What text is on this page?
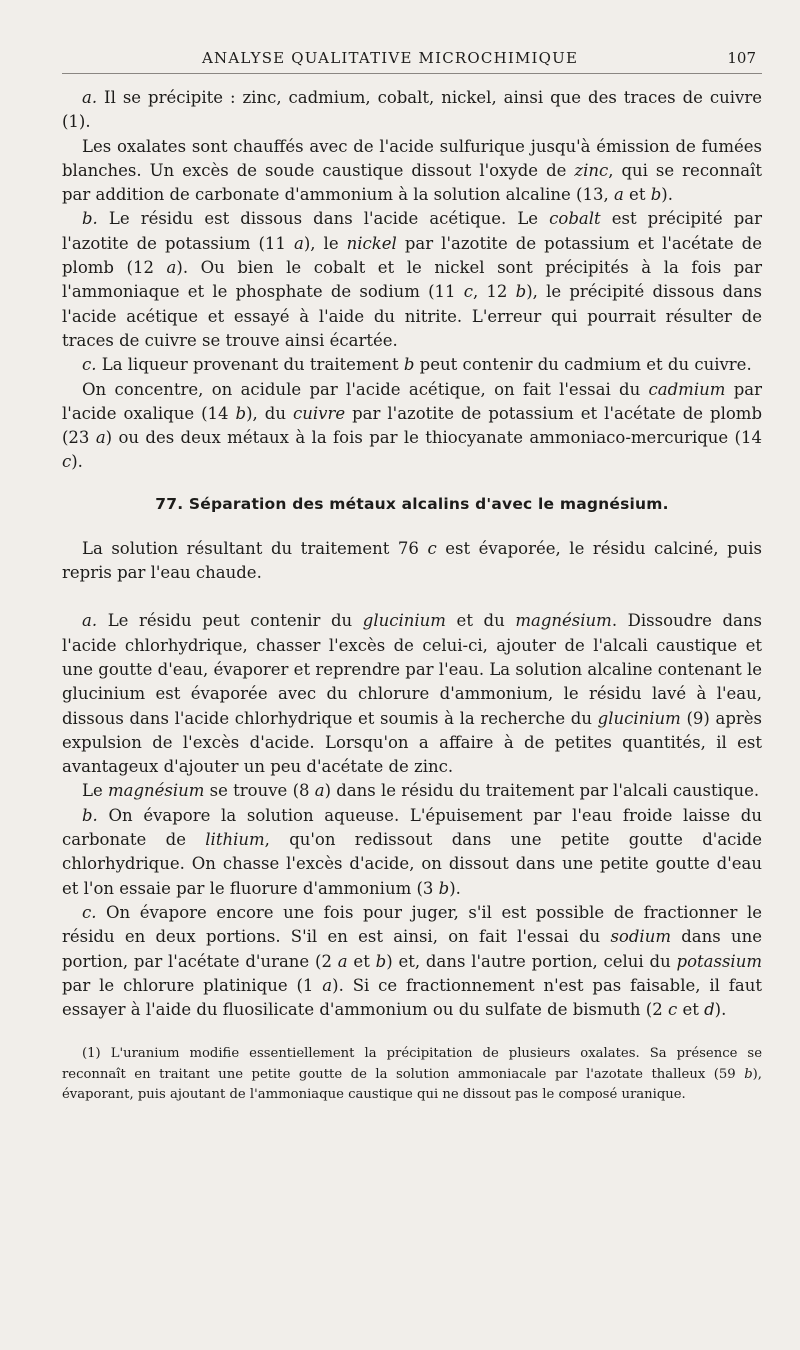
ANALYSE QUALITATIVE MICROCHIMIQUE	107

a. Il se précipite : zinc, cadmium, cobalt, nickel, ainsi que des traces de cuivre (1).

Les oxalates sont chauffés avec de l'acide sulfurique jusqu'à émission de fumées blanches. Un excès de soude caustique dissout l'oxyde de zinc, qui se reconnaît par addition de carbonate d'ammonium à la solution alcaline (13, a et b).

b. Le résidu est dissous dans l'acide acétique. Le cobalt est précipité par l'azotite de potassium (11 a), le nickel par l'azotite de potassium et l'acétate de plomb (12 a). Ou bien le cobalt et le nickel sont précipités à la fois par l'ammoniaque et le phosphate de sodium (11 c, 12 b), le précipité dissous dans l'acide acétique et essayé à l'aide du nitrite. L'erreur qui pourrait résulter de traces de cuivre se trouve ainsi écartée.

c. La liqueur provenant du traitement b peut contenir du cadmium et du cuivre.

On concentre, on acidule par l'acide acétique, on fait l'essai du cadmium par l'acide oxalique (14 b), du cuivre par l'azotite de potassium et l'acétate de plomb (23 a) ou des deux métaux à la fois par le thiocyanate ammoniaco-mercurique (14 c).

77. Séparation des métaux alcalins d'avec le magnésium.

La solution résultant du traitement 76 c est évaporée, le résidu calciné, puis repris par l'eau chaude.

a. Le résidu peut contenir du glucinium et du magnésium. Dissoudre dans l'acide chlorhydrique, chasser l'excès de celui-ci, ajouter de l'alcali caustique et une goutte d'eau, évaporer et reprendre par l'eau. La solution alcaline contenant le glucinium est évaporée avec du chlorure d'ammonium, le résidu lavé à l'eau, dissous dans l'acide chlorhydrique et soumis à la recherche du glucinium (9) après expulsion de l'excès d'acide. Lorsqu'on a affaire à de petites quantités, il est avantageux d'ajouter un peu d'acétate de zinc.

Le magnésium se trouve (8 a) dans le résidu du traitement par l'alcali caustique.

b. On évapore la solution aqueuse. L'épuisement par l'eau froide laisse du carbonate de lithium, qu'on redissout dans une petite goutte d'acide chlorhydrique. On chasse l'excès d'acide, on dissout dans une petite goutte d'eau et l'on essaie par le fluorure d'ammonium (3 b).

c. On évapore encore une fois pour juger, s'il est possible de fractionner le résidu en deux portions. S'il en est ainsi, on fait l'essai du sodium dans une portion, par l'acétate d'urane (2 a et b) et, dans l'autre portion, celui du potassium par le chlorure platinique (1 a). Si ce fractionnement n'est pas faisable, il faut essayer à l'aide du fluosilicate d'ammonium ou du sulfate de bismuth (2 c et d).

(1) L'uranium modifie essentiellement la précipitation de plusieurs oxalates. Sa présence se reconnaît en traitant une petite goutte de la solution ammoniacale par l'azotate thalleux (59 b), évaporant, puis ajoutant de l'ammoniaque caustique qui ne dissout pas le composé uranique.
